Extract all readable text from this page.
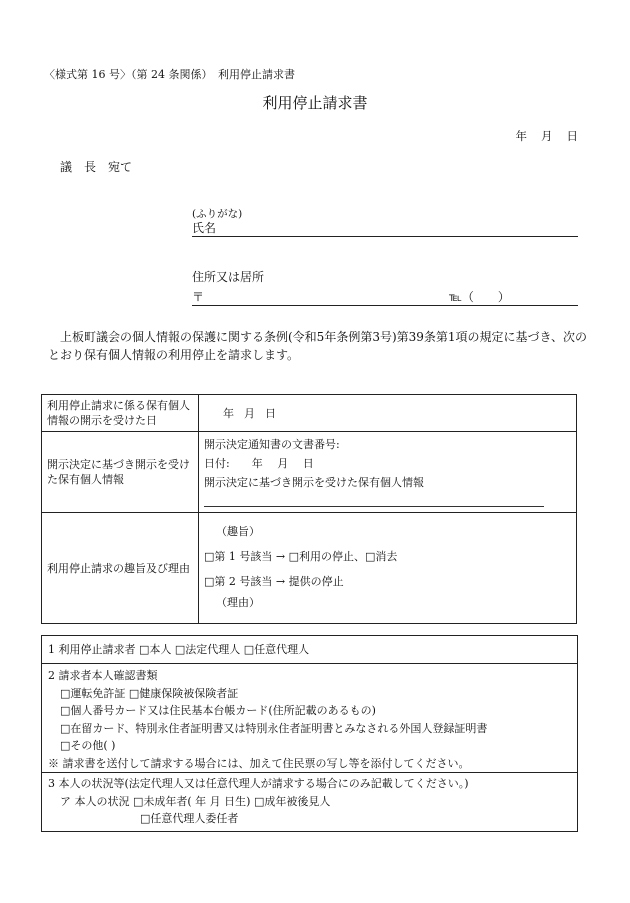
〈様式第 16 号〉（第 24 条関係）　利用停止請求書
利用停止請求書
年 月 日
議　長　宛て
(ふりがな)
氏名
住所又は居所
〒	℡（　　）
上板町議会の個人情報の保護に関する条例(令和5年条例第3号)第39条第1項の規定に基づき、次のとおり保有個人情報の利用停止を請求します。
利用停止請求に係る保有個人情報の開示を受けた日	年 月 日
開示決定に基づき開示を受けた保有個人情報	開示決定通知書の文書番号:
日付:　　年　 月　 日
開示決定に基づき開示を受けた保有個人情報

利用停止請求の趣旨及び理由	（趣旨）
□第 1 号該当 → □利用の停止、□消去
□第 2 号該当 → 提供の停止
（理由）
1 利用停止請求者 □本人 □法定代理人 □任意代理人
2 請求者本人確認書類
□運転免許証 □健康保険被保険者証
□個人番号カード又は住民基本台帳カード(住所記載のあるもの)
□在留カード、特別永住者証明書又は特別永住者証明書とみなされる外国人登録証明書
□その他( )
※ 請求書を送付して請求する場合には、加えて住民票の写し等を添付してください。
3 本人の状況等(法定代理人又は任意代理人が請求する場合にのみ記載してください。)
ア 本人の状況 □未成年者( 年 月 日生) □成年被後見人
□任意代理人委任者
